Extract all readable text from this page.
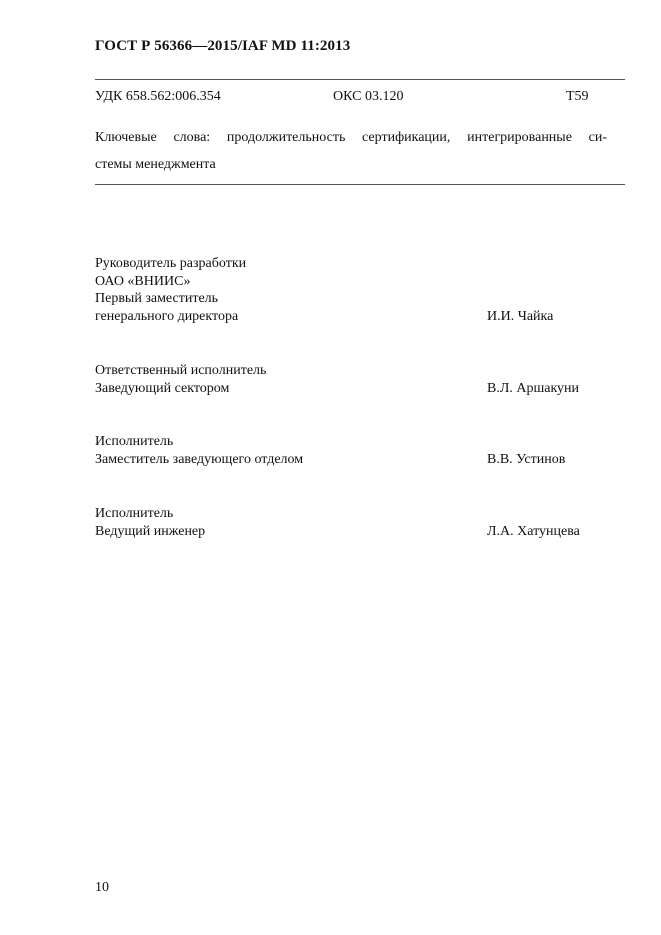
ГОСТ Р 56366—2015/IAF MD 11:2013
УДК 658.562:006.354	ОКС 03.120	Т59
Ключевые слова: продолжительность сертификации, интегрированные си-
стемы менеджмента
Руководитель разработки
ОАО «ВНИИС»
Первый заместитель
генерального директора	И.И. Чайка
Ответственный исполнитель
Заведующий сектором	В.Л. Аршакуни
Исполнитель
Заместитель заведующего отделом	В.В. Устинов
Исполнитель
Ведущий инженер	Л.А. Хатунцева
10
